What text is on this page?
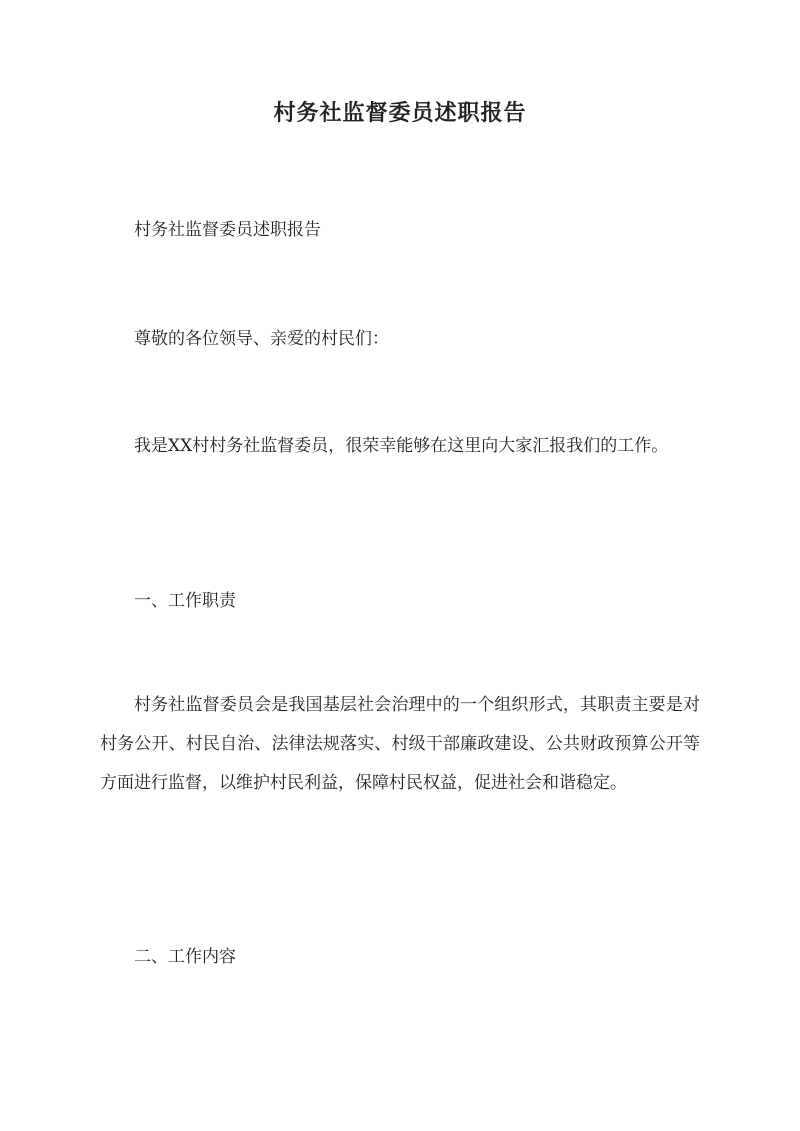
村务社监督委员述职报告

村务社监督委员述职报告

尊敬的各位领导、亲爱的村民们：

我是XX村村务社监督委员，很荣幸能够在这里向大家汇报我们的工作。

一、工作职责

村务社监督委员会是我国基层社会治理中的一个组织形式，其职责主要是对村务公开、村民自治、法律法规落实、村级干部廉政建设、公共财政预算公开等方面进行监督，以维护村民利益，保障村民权益，促进社会和谐稳定。

二、工作内容
